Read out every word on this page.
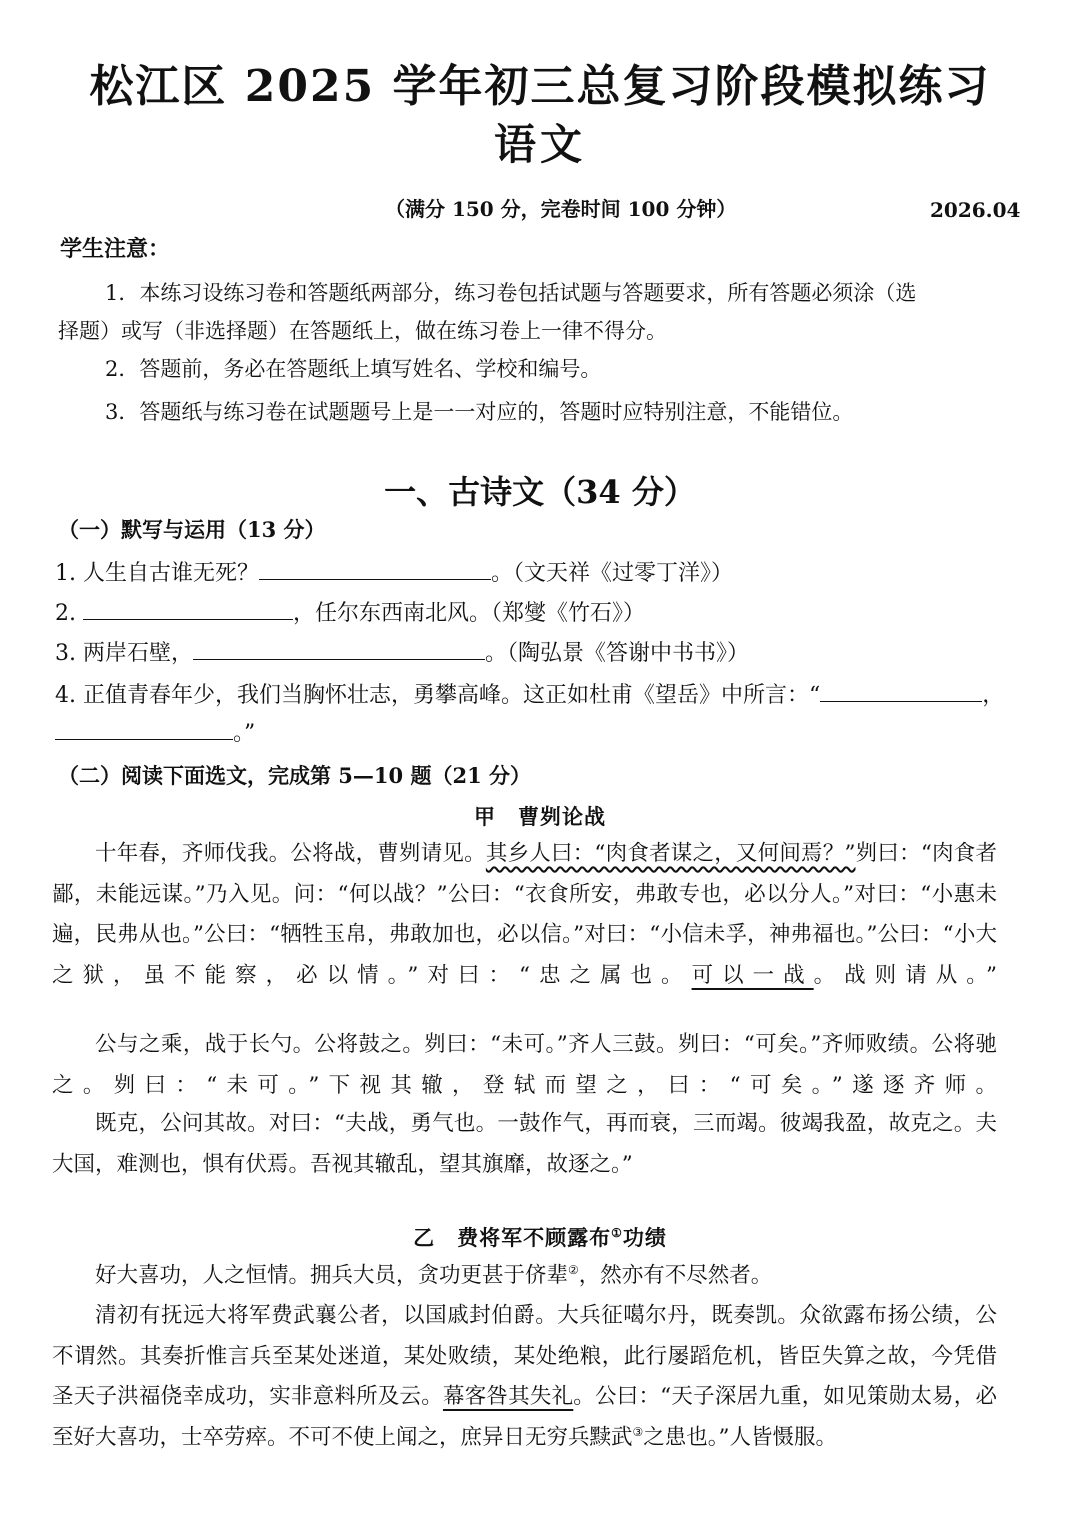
松江区 2025 学年初三总复习阶段模拟练习
语文
（满分 150 分，完卷时间 100 分钟）	2026.04
学生注意：
1．本练习设练习卷和答题纸两部分，练习卷包括试题与答题要求，所有答题必须涂（选
择题）或写（非选择题）在答题纸上，做在练习卷上一律不得分。
2．答题前，务必在答题纸上填写姓名、学校和编号。
3．答题纸与练习卷在试题题号上是一一对应的，答题时应特别注意，不能错位。
一、古诗文（34 分）
（一）默写与运用（13 分）
1. 人生自古谁无死？	。（文天祥《过零丁洋》）
2.	，任尔东西南北风。（郑燮《竹石》）
3. 两岸石壁，	。（陶弘景《答谢中书书》）
4. 正值青春年少，我们当胸怀壮志，勇攀高峰。这正如杜甫《望岳》中所言：“	，
。”
（二）阅读下面选文，完成第 5—10 题（21 分）
甲　曹刿论战
十年春，齐师伐我。公将战，曹刿请见。其乡人曰：“肉食者谋之，又何间焉？”刿曰：“肉食者鄙，未能远谋。”乃入见。问：“何以战？”公曰：“衣食所安，弗敢专也，必以分人。”对曰：“小惠未遍，民弗从也。”公曰：“牺牲玉帛，弗敢加也，必以信。”对曰：“小信未孚，神弗福也。”公曰：“小大之狱，虽不能察，必以情。”对曰：“忠之属也。可以一战。战则请从。”
公与之乘，战于长勺。公将鼓之。刿曰：“未可。”齐人三鼓。刿曰：“可矣。”齐师败绩。公将驰之。刿曰：“未可。”下视其辙，登轼而望之，曰：“可矣。”遂逐齐师。
既克，公问其故。对曰：“夫战，勇气也。一鼓作气，再而衰，三而竭。彼竭我盈，故克之。夫大国，难测也，惧有伏焉。吾视其辙乱，望其旗靡，故逐之。”
乙　费将军不顾露布①功绩
好大喜功，人之恒情。拥兵大员，贪功更甚于侪辈②，然亦有不尽然者。
清初有抚远大将军费武襄公者，以国戚封伯爵。大兵征噶尔丹，既奏凯。众欲露布扬公绩，公不谓然。其奏折惟言兵至某处迷道，某处败绩，某处绝粮，此行屡蹈危机，皆臣失算之故，今凭借圣天子洪福侥幸成功，实非意料所及云。幕客咎其失礼。公曰：“天子深居九重，如见策勋太易，必至好大喜功，士卒劳瘁。不可不使上闻之，庶异日无穷兵黩武③之患也。”人皆慑服。
